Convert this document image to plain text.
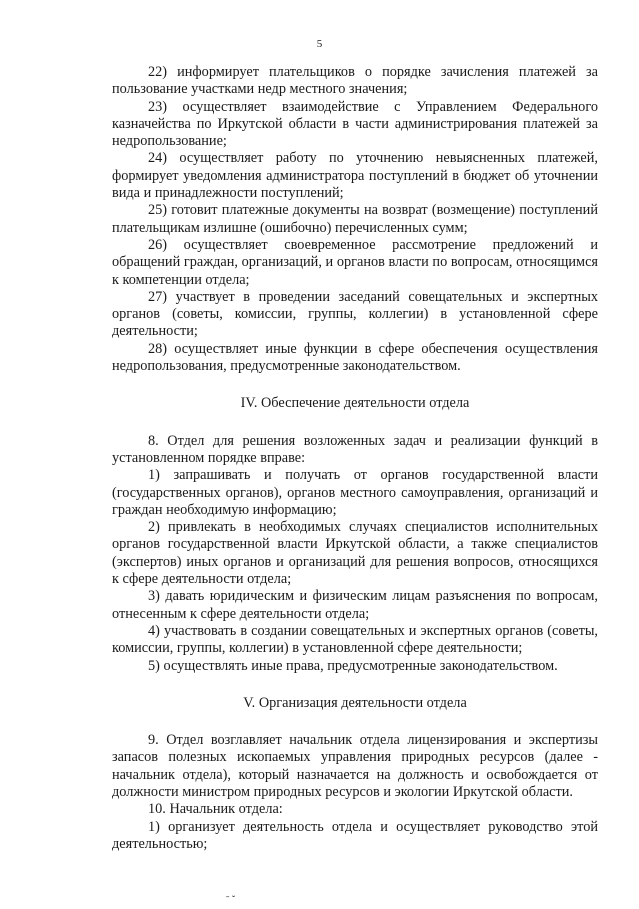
5

22) информирует плательщиков о порядке зачисления платежей за пользование участками недр местного значения;

23) осуществляет взаимодействие с Управлением Федерального казначейства по Иркутской области в части администрирования платежей за недропользование;

24) осуществляет работу по уточнению невыясненных платежей, формирует уведомления администратора поступлений в бюджет об уточнении вида и принадлежности поступлений;

25) готовит платежные документы на возврат (возмещение) поступлений плательщикам излишне (ошибочно) перечисленных сумм;

26) осуществляет своевременное рассмотрение предложений и обращений граждан, организаций, и органов власти по вопросам, относящимся к компетенции отдела;

27) участвует в проведении заседаний совещательных и экспертных органов (советы, комиссии, группы, коллегии) в установленной сфере деятельности;

28) осуществляет иные функции в сфере обеспечения осуществления недропользования, предусмотренные законодательством.

IV. Обеспечение деятельности отдела

8. Отдел для решения возложенных задач и реализации функций в установленном порядке вправе:

1) запрашивать и получать от органов государственной власти (государственных органов), органов местного самоуправления, организаций и граждан необходимую информацию;

2) привлекать в необходимых случаях специалистов исполнительных органов государственной власти Иркутской области, а также специалистов (экспертов) иных органов и организаций для решения вопросов, относящихся к сфере деятельности отдела;

3) давать юридическим и физическим лицам разъяснения по вопросам, отнесенным к сфере деятельности отдела;

4) участвовать в создании совещательных и экспертных органов (советы, комиссии, группы, коллегии) в установленной сфере деятельности;

5) осуществлять иные права, предусмотренные законодательством.

V. Организация деятельности отдела

9. Отдел возглавляет начальник отдела лицензирования и экспертизы запасов полезных ископаемых управления природных ресурсов (далее - начальник отдела), который назначается на должность и освобождается от должности министром природных ресурсов и экологии Иркутской области.

10. Начальник отдела:

1) организует деятельность отдела и осуществляет руководство этой деятельностью;

ˉ ˇ
